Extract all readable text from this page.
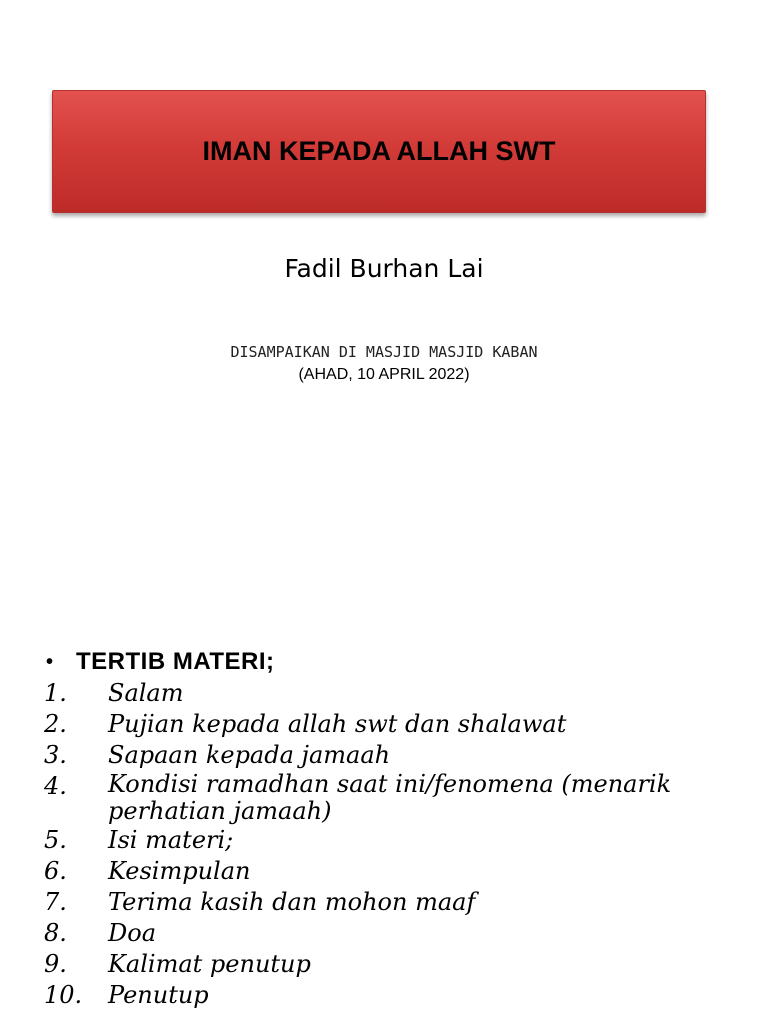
IMAN KEPADA ALLAH SWT
Fadil Burhan Lai
DISAMPAIKAN DI MASJID MASJID KABAN
(AHAD, 10 APRIL 2022)
• TERTIB MATERI;
1.	Salam
2.	Pujian kepada allah swt dan shalawat
3.	Sapaan kepada jamaah
4.	Kondisi ramadhan saat ini/fenomena (menarik perhatian jamaah)
5.	Isi materi;
6.	Kesimpulan
7.	Terima kasih dan mohon maaf
8.	Doa
9.	Kalimat penutup
10.	Penutup
